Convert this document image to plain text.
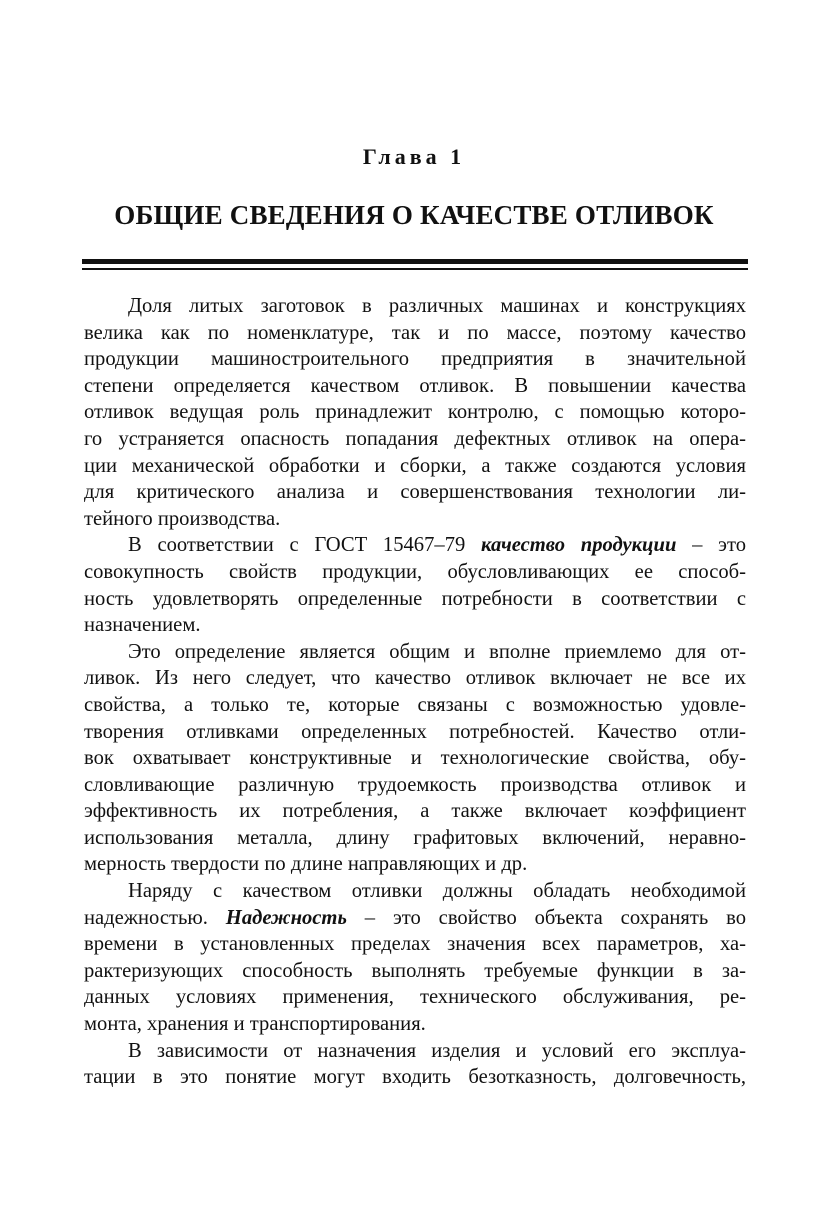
Глава 1
ОБЩИЕ СВЕДЕНИЯ О КАЧЕСТВЕ ОТЛИВОК
Доля литых заготовок в различных машинах и конструкциях
велика как по номенклатуре, так и по массе, поэтому качество
продукции машиностроительного предприятия в значительной
степени определяется качеством отливок. В повышении качества
отливок ведущая роль принадлежит контролю, с помощью которо-
го устраняется опасность попадания дефектных отливок на опера-
ции механической обработки и сборки, а также создаются условия
для критического анализа и совершенствования технологии ли-
тейного производства.
В соответствии с ГОСТ 15467–79 качество продукции – это
совокупность свойств продукции, обусловливающих ее способ-
ность удовлетворять определенные потребности в соответствии с
назначением.
Это определение является общим и вполне приемлемо для от-
ливок. Из него следует, что качество отливок включает не все их
свойства, а только те, которые связаны с возможностью удовле-
творения отливками определенных потребностей. Качество отли-
вок охватывает конструктивные и технологические свойства, обу-
словливающие различную трудоемкость производства отливок и
эффективность их потребления, а также включает коэффициент
использования металла, длину графитовых включений, неравно-
мерность твердости по длине направляющих и др.
Наряду с качеством отливки должны обладать необходимой
надежностью. Надежность – это свойство объекта сохранять во
времени в установленных пределах значения всех параметров, ха-
рактеризующих способность выполнять требуемые функции в за-
данных условиях применения, технического обслуживания, ре-
монта, хранения и транспортирования.
В зависимости от назначения изделия и условий его эксплуа-
тации в это понятие могут входить безотказность, долговечность,
